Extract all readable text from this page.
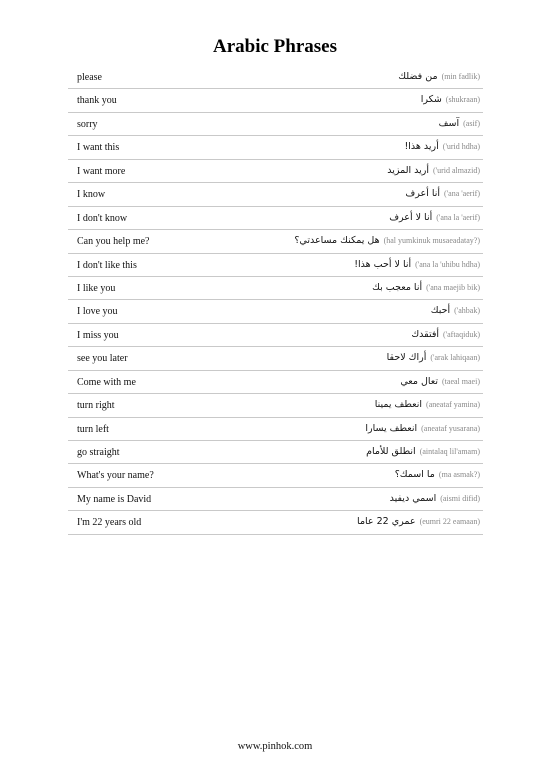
Arabic Phrases
please	من فضلك (min fadlik)
thank you	شكرا (shukraan)
sorry	آسف (asif)
I want this	أريد هذا! ('urid hdha)
I want more	أريد المزيد ('urid almazid)
I know	أنا أعرف ('ana 'aerif)
I don't know	أنا لا أعرف ('ana la 'aerif)
Can you help me?	هل يمكنك مساعدتي؟ (hal yumkinuk musaeadatay?)
I don't like this	أنا لا أحب هذا! ('ana la 'uhibu hdha)
I like you	أنا معجب بك ('ana maejib bik)
I love you	أحبك ('ahbak)
I miss you	أفتقدك ('aftaqiduk)
see you later	أراك لاحقا ('arak lahiqaan)
Come with me	تعال معي (taeal maei)
turn right	انعطف يمينا (aneataf yamina)
turn left	انعطف يسارا (aneataf yusarana)
go straight	انطلق للأمام (aintalaq lil'amam)
What's your name?	ما اسمك؟ (ma asmak?)
My name is David	اسمي ديفيد (aismi difid)
I'm 22 years old	عمري 22 عاما (eumri 22 eamaan)
www.pinhok.com
